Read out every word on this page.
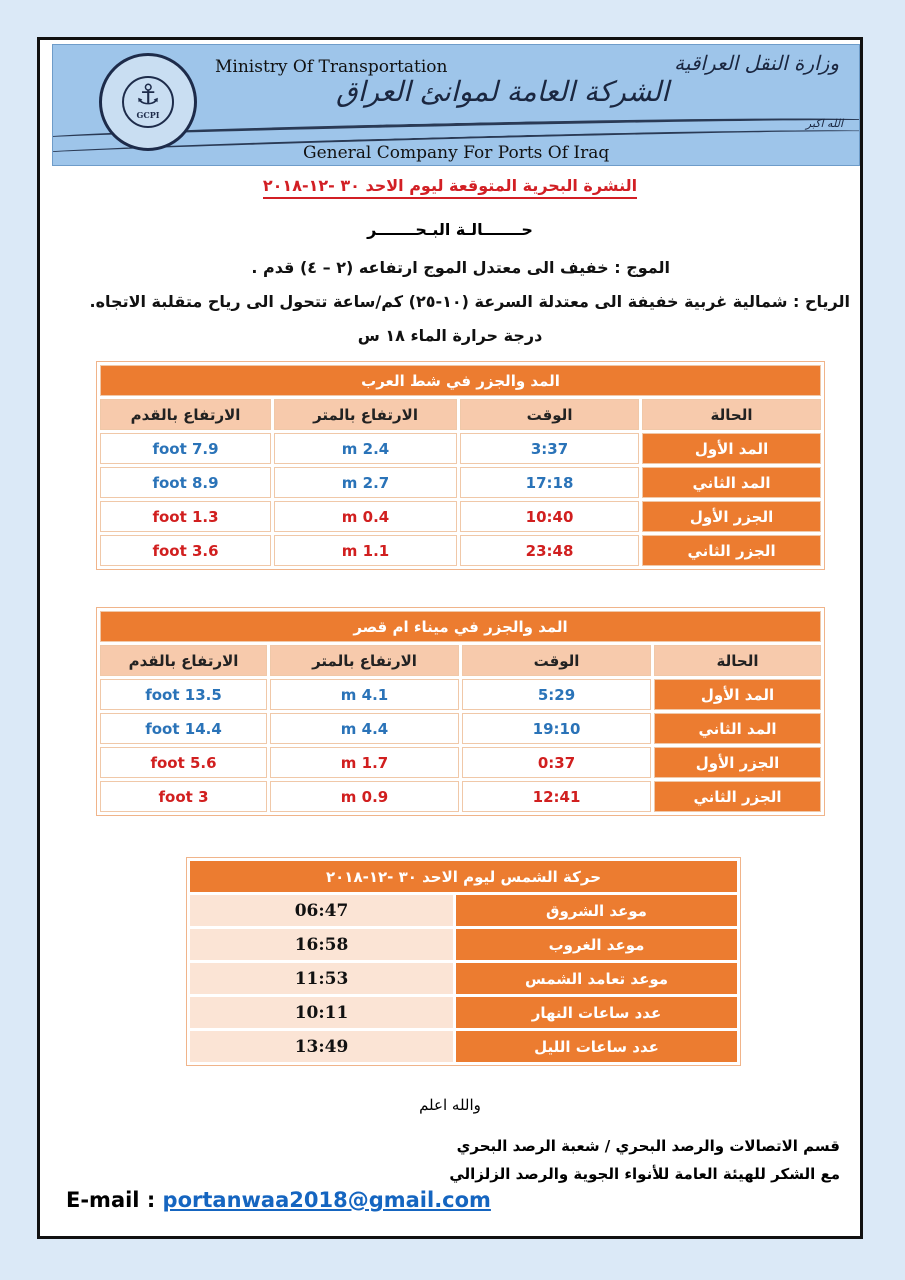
⚓
GCPI
Ministry Of Transportation	وزارة النقل العراقية
الشركة العامة لموانئ العراق
الله اكبر
General Company For Ports Of Iraq
النشرة البحرية المتوقعة ليوم الاحد ٣٠ -١٢-٢٠١٨
حـــــــالـة البـحـــــــر
الموج : خفيف الى معتدل الموج ارتفاعه (٢ – ٤) قدم .
الرياح : شمالية غربية خفيفة الى معتدلة السرعة (١٠-٢٥) كم/ساعة تتحول الى رياح متقلبة الاتجاه.
درجة حرارة الماء ١٨ س
المد والجزر في شط العرب			
الحالة	الوقت	الارتفاع بالمتر	الارتفاع بالقدم
المد الأول	3:37	2.4 m	7.9 foot
المد الثاني	17:18	2.7 m	8.9 foot
الجزر الأول	10:40	0.4 m	1.3 foot
الجزر الثاني	23:48	1.1 m	3.6 foot
المد والجزر في ميناء ام قصر			
الحالة	الوقت	الارتفاع بالمتر	الارتفاع بالقدم
المد الأول	5:29	4.1 m	13.5 foot
المد الثاني	19:10	4.4 m	14.4 foot
الجزر الأول	0:37	1.7 m	5.6 foot
الجزر الثاني	12:41	0.9 m	3 foot
حركة الشمس ليوم الاحد ٣٠ -١٢-٢٠١٨	
موعد الشروق	06:47
موعد الغروب	16:58
موعد تعامد الشمس	11:53
عدد ساعات النهار	10:11
عدد ساعات الليل	13:49
والله اعلم
قسم الاتصالات والرصد البحري / شعبة الرصد البحري
مع الشكر للهيئة العامة للأنواء الجوية والرصد الزلزالي
E-mail : portanwaa2018@gmail.com
